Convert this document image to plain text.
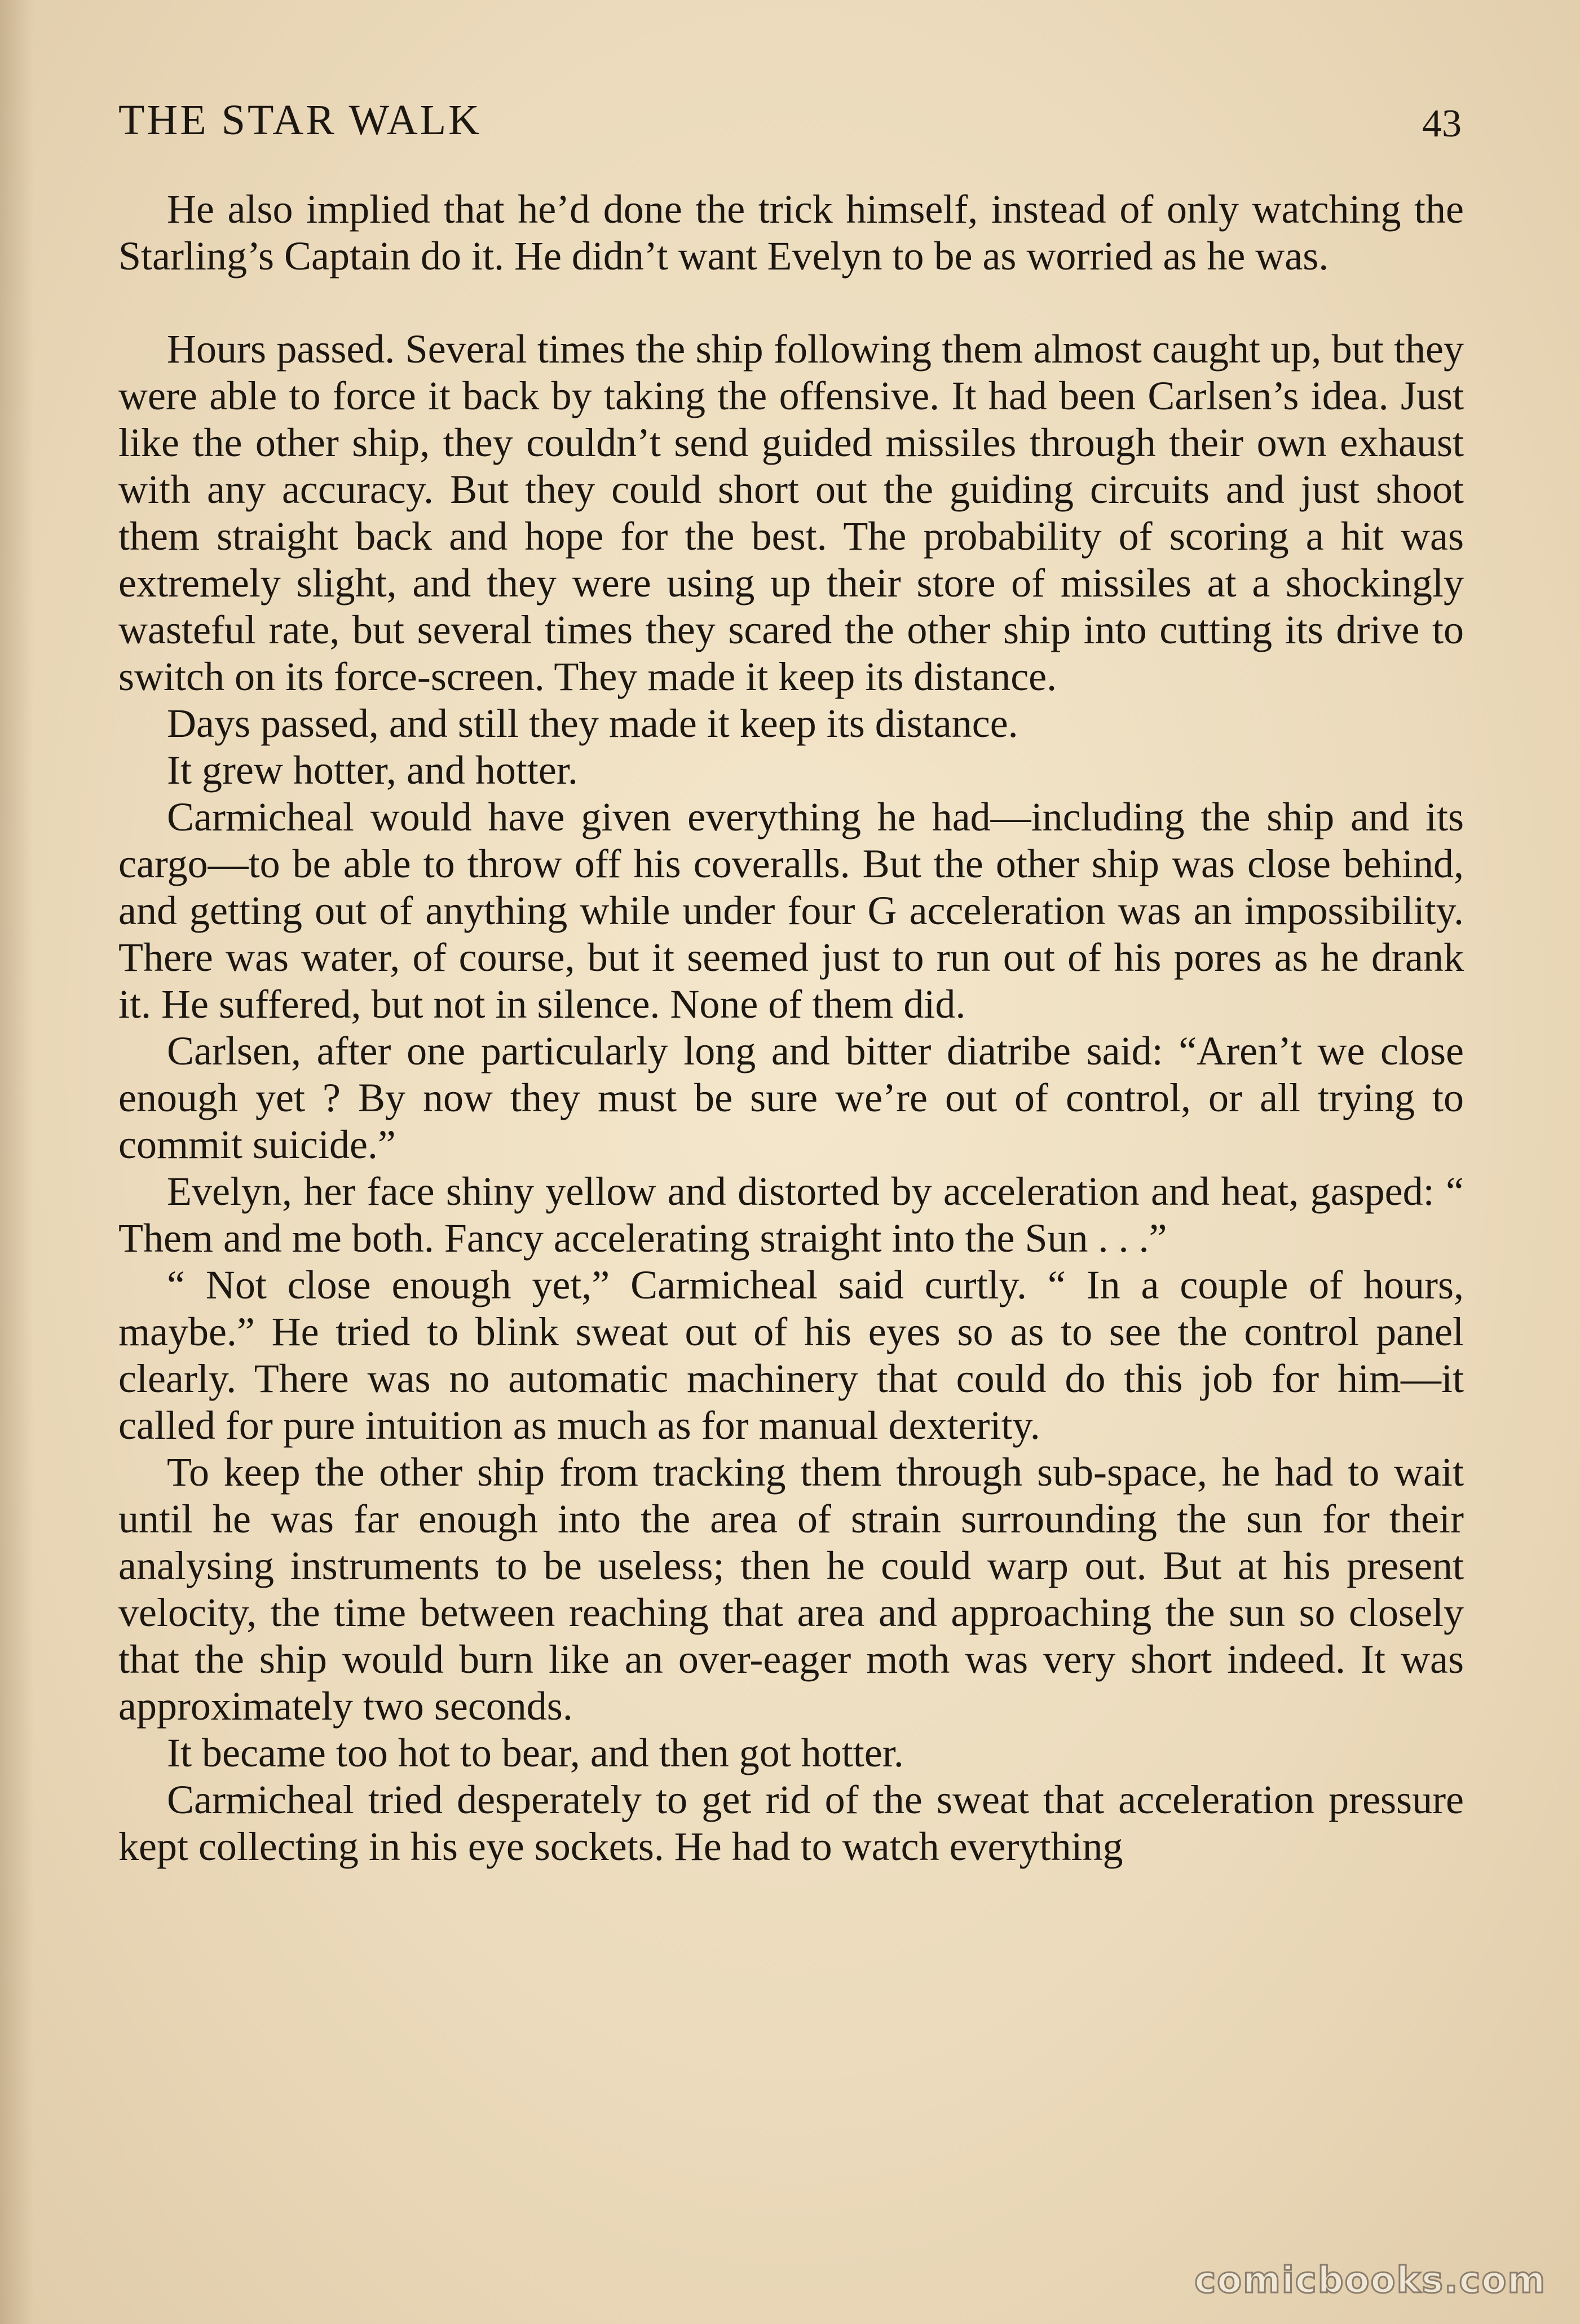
THE STAR WALK	43

He also implied that he’d done the trick himself, instead of only watching the Starling’s Captain do it. He didn’t want Evelyn to be as worried as he was.

Hours passed. Several times the ship following them almost caught up, but they were able to force it back by taking the offensive. It had been Carlsen’s idea. Just like the other ship, they couldn’t send guided missiles through their own exhaust with any accuracy. But they could short out the guiding circuits and just shoot them straight back and hope for the best. The probability of scoring a hit was extremely slight, and they were using up their store of missiles at a shockingly wasteful rate, but several times they scared the other ship into cutting its drive to switch on its force-screen. They made it keep its distance.

Days passed, and still they made it keep its distance.

It grew hotter, and hotter.

Carmicheal would have given everything he had—including the ship and its cargo—to be able to throw off his coveralls. But the other ship was close behind, and getting out of anything while under four G acceleration was an impossibility. There was water, of course, but it seemed just to run out of his pores as he drank it. He suffered, but not in silence. None of them did.

Carlsen, after one particularly long and bitter diatribe said: “Aren’t we close enough yet ? By now they must be sure we’re out of control, or all trying to commit suicide.”

Evelyn, her face shiny yellow and distorted by acceleration and heat, gasped: “ Them and me both. Fancy accelerating straight into the Sun . . .”

“ Not close enough yet,” Carmicheal said curtly. “ In a couple of hours, maybe.” He tried to blink sweat out of his eyes so as to see the control panel clearly. There was no automatic machinery that could do this job for him—it called for pure intuition as much as for manual dexterity.

To keep the other ship from tracking them through sub-space, he had to wait until he was far enough into the area of strain surrounding the sun for their analysing instruments to be useless; then he could warp out. But at his present velocity, the time between reaching that area and approaching the sun so closely that the ship would burn like an over-eager moth was very short indeed. It was approximately two seconds.

It became too hot to bear, and then got hotter.

Carmicheal tried desperately to get rid of the sweat that acceleration pressure kept collecting in his eye sockets. He had to watch everything

comicbooks.com
